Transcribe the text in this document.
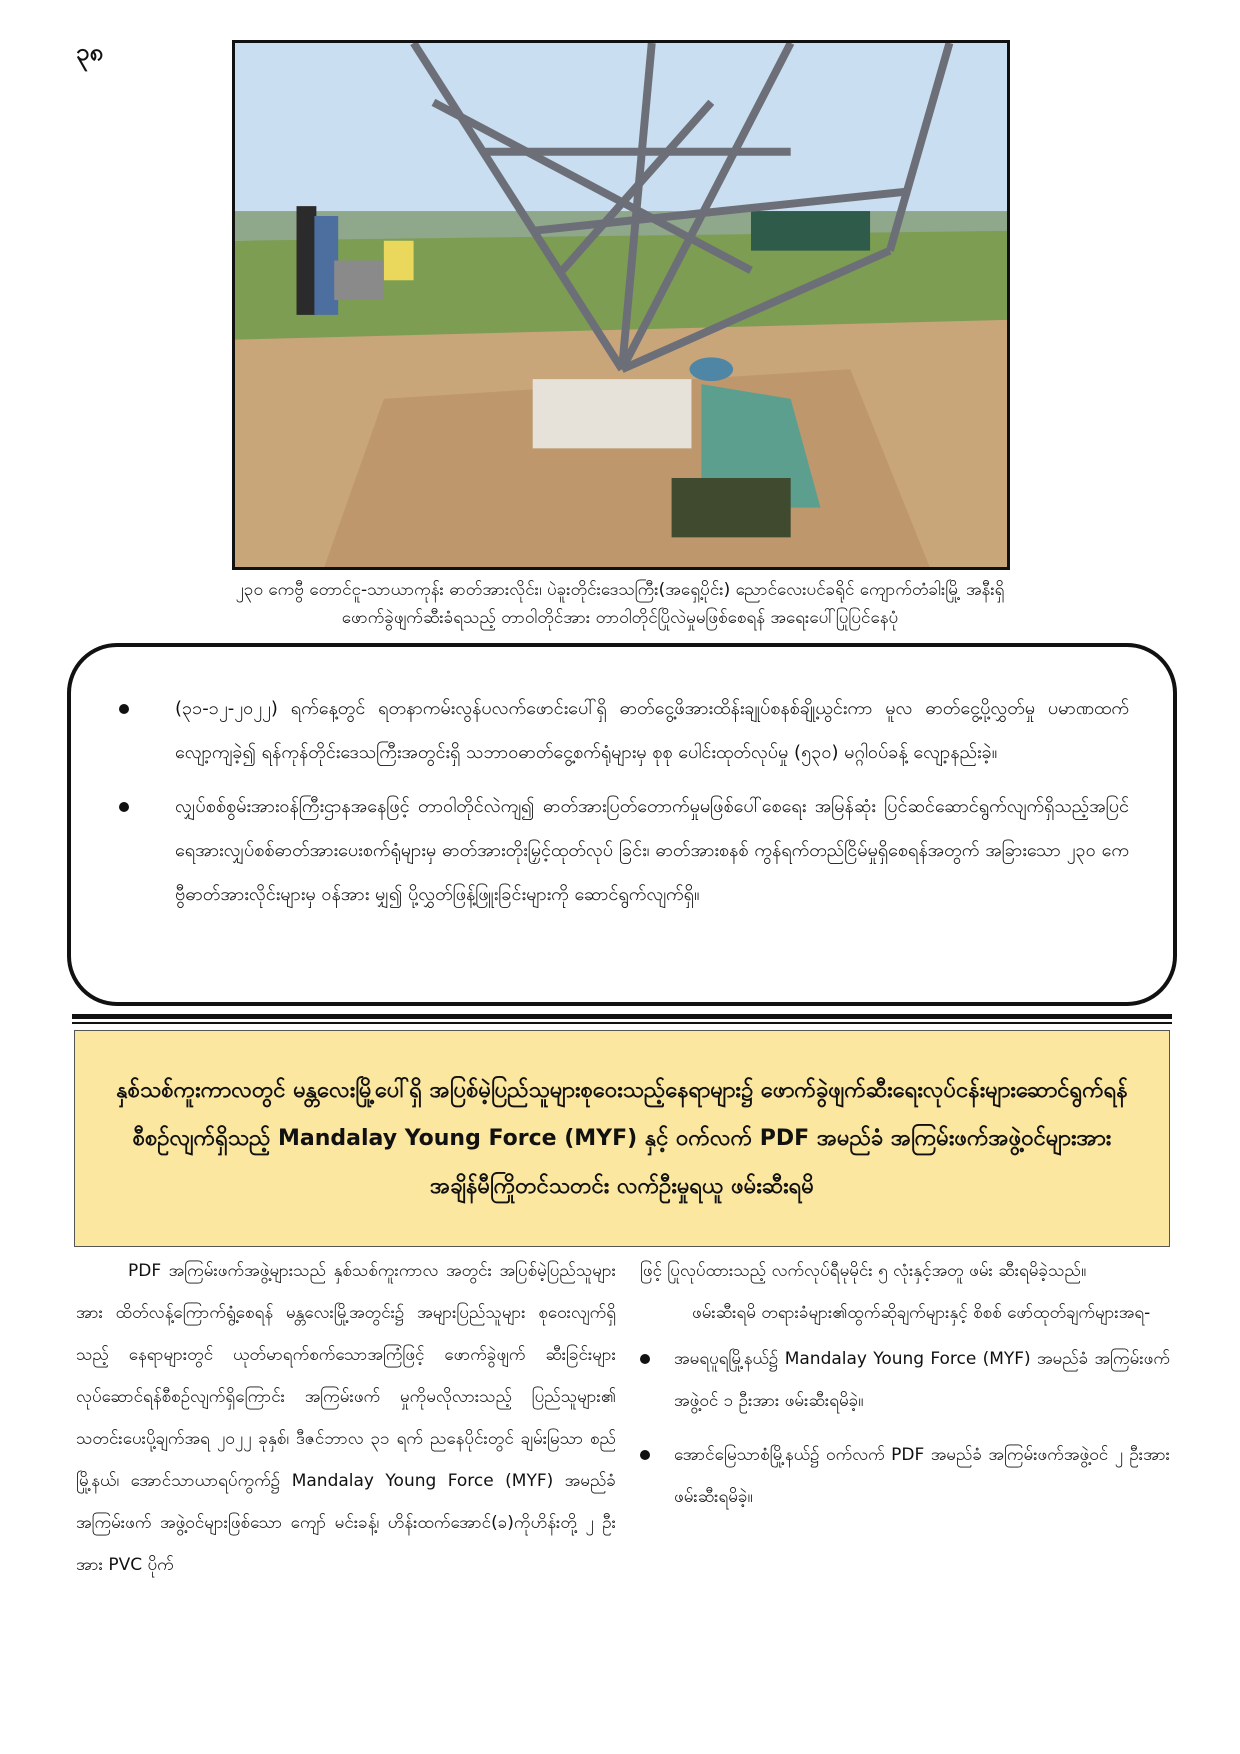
၃၈
၂၃၀ ကေဗွီ တောင်ငူ-သာယာကုန်း ဓာတ်အားလိုင်း၊ ပဲခူးတိုင်းဒေသကြီး(အရှေ့ပိုင်း) ညောင်လေးပင်ခရိုင် ကျောက်တံခါးမြို့ အနီးရှိ
ဖောက်ခွဲဖျက်ဆီးခံရသည့် တာဝါတိုင်အား တာဝါတိုင်ပြိုလဲမှုမဖြစ်စေရန် အရေးပေါ်ပြုပြင်နေပုံ
(၃၁-၁၂-၂၀၂၂) ရက်နေ့တွင် ရတနာကမ်းလွန်ပလက်ဖောင်းပေါ်ရှိ ဓာတ်ငွေ့ဖိအားထိန်းချုပ်စနစ်ချို့ယွင်းကာ မူလ ဓာတ်ငွေ့ပို့လွှတ်မှု ပမာဏထက်လျော့ကျခဲ့၍ ရန်ကုန်တိုင်းဒေသကြီးအတွင်းရှိ သဘာဝဓာတ်ငွေ့စက်ရုံများမှ စုစု ပေါင်းထုတ်လုပ်မှု (၅၃၀) မဂ္ဂါဝပ်ခန့် လျော့နည်းခဲ့။
လျှပ်စစ်စွမ်းအားဝန်ကြီးဌာနအနေဖြင့် တာဝါတိုင်လဲကျ၍ ဓာတ်အားပြတ်တောက်မှုမဖြစ်ပေါ်စေရေး အမြန်ဆုံး ပြင်ဆင်ဆောင်ရွက်လျက်ရှိသည့်အပြင် ရေအားလျှပ်စစ်ဓာတ်အားပေးစက်ရုံများမှ ဓာတ်အားတိုးမြှင့်ထုတ်လုပ် ခြင်း၊ ဓာတ်အားစနစ် ကွန်ရက်တည်ငြိမ်မှုရှိစေရန်အတွက် အခြားသော ၂၃၀ ကေဗွီဓာတ်အားလိုင်းများမှ ဝန်အား မျှ၍ ပို့လွှတ်ဖြန့်ဖြူးခြင်းများကို ဆောင်ရွက်လျက်ရှိ။
နှစ်သစ်ကူးကာလတွင် မန္တလေးမြို့ပေါ်ရှိ အပြစ်မဲ့ပြည်သူများစုဝေးသည့်နေရာများ၌ ဖောက်ခွဲဖျက်ဆီးရေးလုပ်ငန်းများဆောင်ရွက်ရန် စီစဉ်လျက်ရှိသည့် Mandalay Young Force (MYF) နှင့် ဝက်လက် PDF အမည်ခံ အကြမ်းဖက်အဖွဲ့ဝင်များအား အချိန်မီကြိုတင်သတင်း လက်ဦးမှုရယူ ဖမ်းဆီးရမိ

PDF အကြမ်းဖက်အဖွဲ့များသည် နှစ်သစ်ကူးကာလ အတွင်း အပြစ်မဲ့ပြည်သူများအား ထိတ်လန့်ကြောက်ရွံ့စေရန် မန္တလေးမြို့အတွင်း၌ အများပြည်သူများ စုဝေးလျက်ရှိသည့် နေရာများတွင် ယုတ်မာရက်စက်သောအကြံဖြင့် ဖောက်ခွဲဖျက် ဆီးခြင်းများ လုပ်ဆောင်ရန်စီစဉ်လျက်ရှိကြောင်း အကြမ်းဖက် မှုကိုမလိုလားသည့် ပြည်သူများ၏ သတင်းပေးပို့ချက်အရ ၂၀၂၂ ခုနှစ်၊ ဒီဇင်ဘာလ ၃၁ ရက် ညနေပိုင်းတွင် ချမ်းမြသာ စည်မြို့နယ်၊ အောင်သာယာရပ်ကွက်၌ Mandalay Young Force (MYF) အမည်ခံအကြမ်းဖက် အဖွဲ့ဝင်များဖြစ်သော ကျော် မင်းခန့်၊ ဟိန်းထက်အောင်(ခ)ကိုဟိန်းတို့ ၂ ဦးအား PVC ပိုက်

ဖြင့် ပြုလုပ်ထားသည့် လက်လုပ်ရီမုမိုင်း ၅ လုံးနှင့်အတူ ဖမ်း ဆီးရမိခဲ့သည်။

ဖမ်းဆီးရမိ တရားခံများ၏ထွက်ဆိုချက်များနှင့် စိစစ် ဖော်ထုတ်ချက်များအရ-

အမရပူရမြို့နယ်၌ Mandalay Young Force (MYF) အမည်ခံ အကြမ်းဖက်အဖွဲ့ဝင် ၁ ဦးအား ဖမ်းဆီးရမိခဲ့။
အောင်မြေသာစံမြို့နယ်၌ ဝက်လက် PDF အမည်ခံ အကြမ်းဖက်အဖွဲ့ဝင် ၂ ဦးအား ဖမ်းဆီးရမိခဲ့။
